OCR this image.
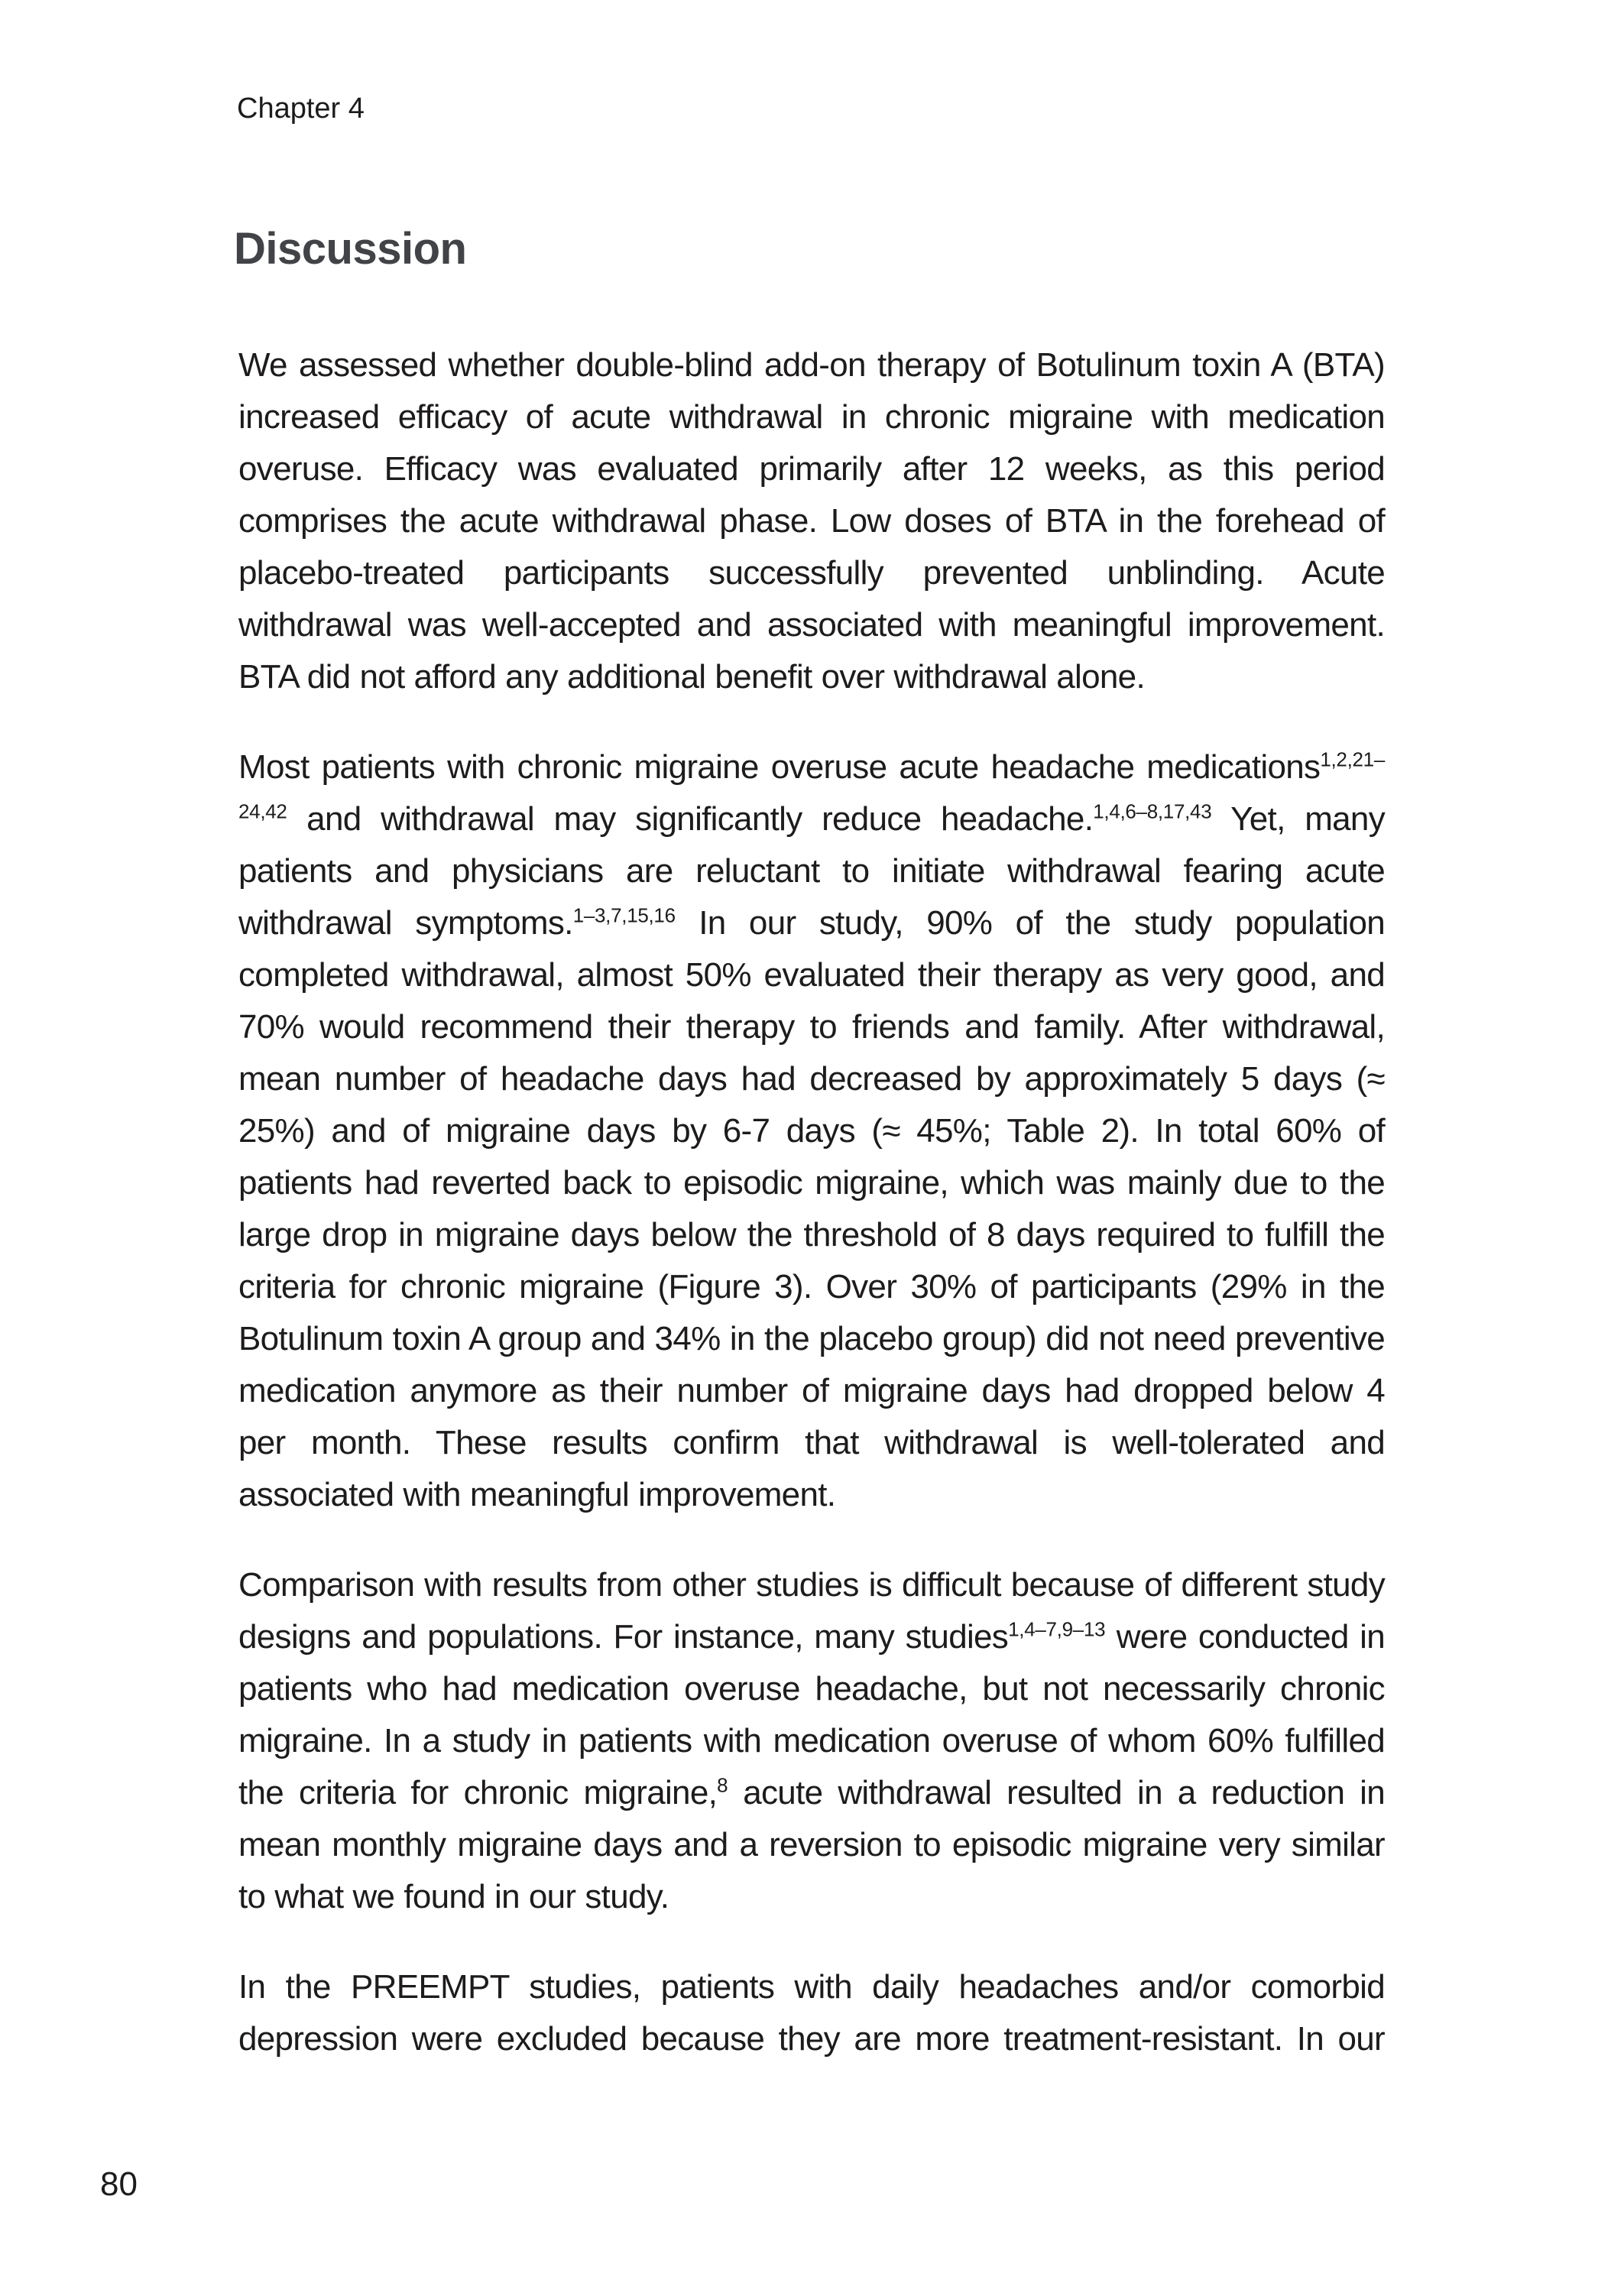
Chapter 4
Discussion

We assessed whether double-blind add-on therapy of Botulinum toxin A (BTA) increased efficacy of acute withdrawal in chronic migraine with medication overuse. Efficacy was evaluated primarily after 12 weeks, as this period comprises the acute withdrawal phase. Low doses of BTA in the forehead of placebo-treated participants successfully prevented unblinding. Acute withdrawal was well-accepted and associated with meaningful improvement. BTA did not afford any additional benefit over withdrawal alone.

Most patients with chronic migraine overuse acute headache medications$^{1,2,21-24,42}$ and withdrawal may significantly reduce headache.$^{1,4,6-8,17,43}$ Yet, many patients and physicians are reluctant to initiate withdrawal fearing acute withdrawal symptoms.$^{1-3,7,15,16}$ In our study, 90% of the study population completed withdrawal, almost 50% evaluated their therapy as very good, and 70% would recommend their therapy to friends and family. After withdrawal, mean number of headache days had decreased by approximately 5 days (≈ 25%) and of migraine days by 6-7 days (≈ 45%; Table 2). In total 60% of patients had reverted back to episodic migraine, which was mainly due to the large drop in migraine days below the threshold of 8 days required to fulfill the criteria for chronic migraine (Figure 3). Over 30% of participants (29% in the Botulinum toxin A group and 34% in the placebo group) did not need preventive medication anymore as their number of migraine days had dropped below 4 per month. These results confirm that withdrawal is well-tolerated and associated with meaningful improvement.

Comparison with results from other studies is difficult because of different study designs and populations. For instance, many studies$^{1,4-7,9-13}$ were conducted in patients who had medication overuse headache, but not necessarily chronic migraine. In a study in patients with medication overuse of whom 60% fulfilled the criteria for chronic migraine,$^8$ acute withdrawal resulted in a reduction in mean monthly migraine days and a reversion to episodic migraine very similar to what we found in our study.

In the PREEMPT studies, patients with daily headaches and/or comorbid depression were excluded because they are more treatment-resistant. In our

80
